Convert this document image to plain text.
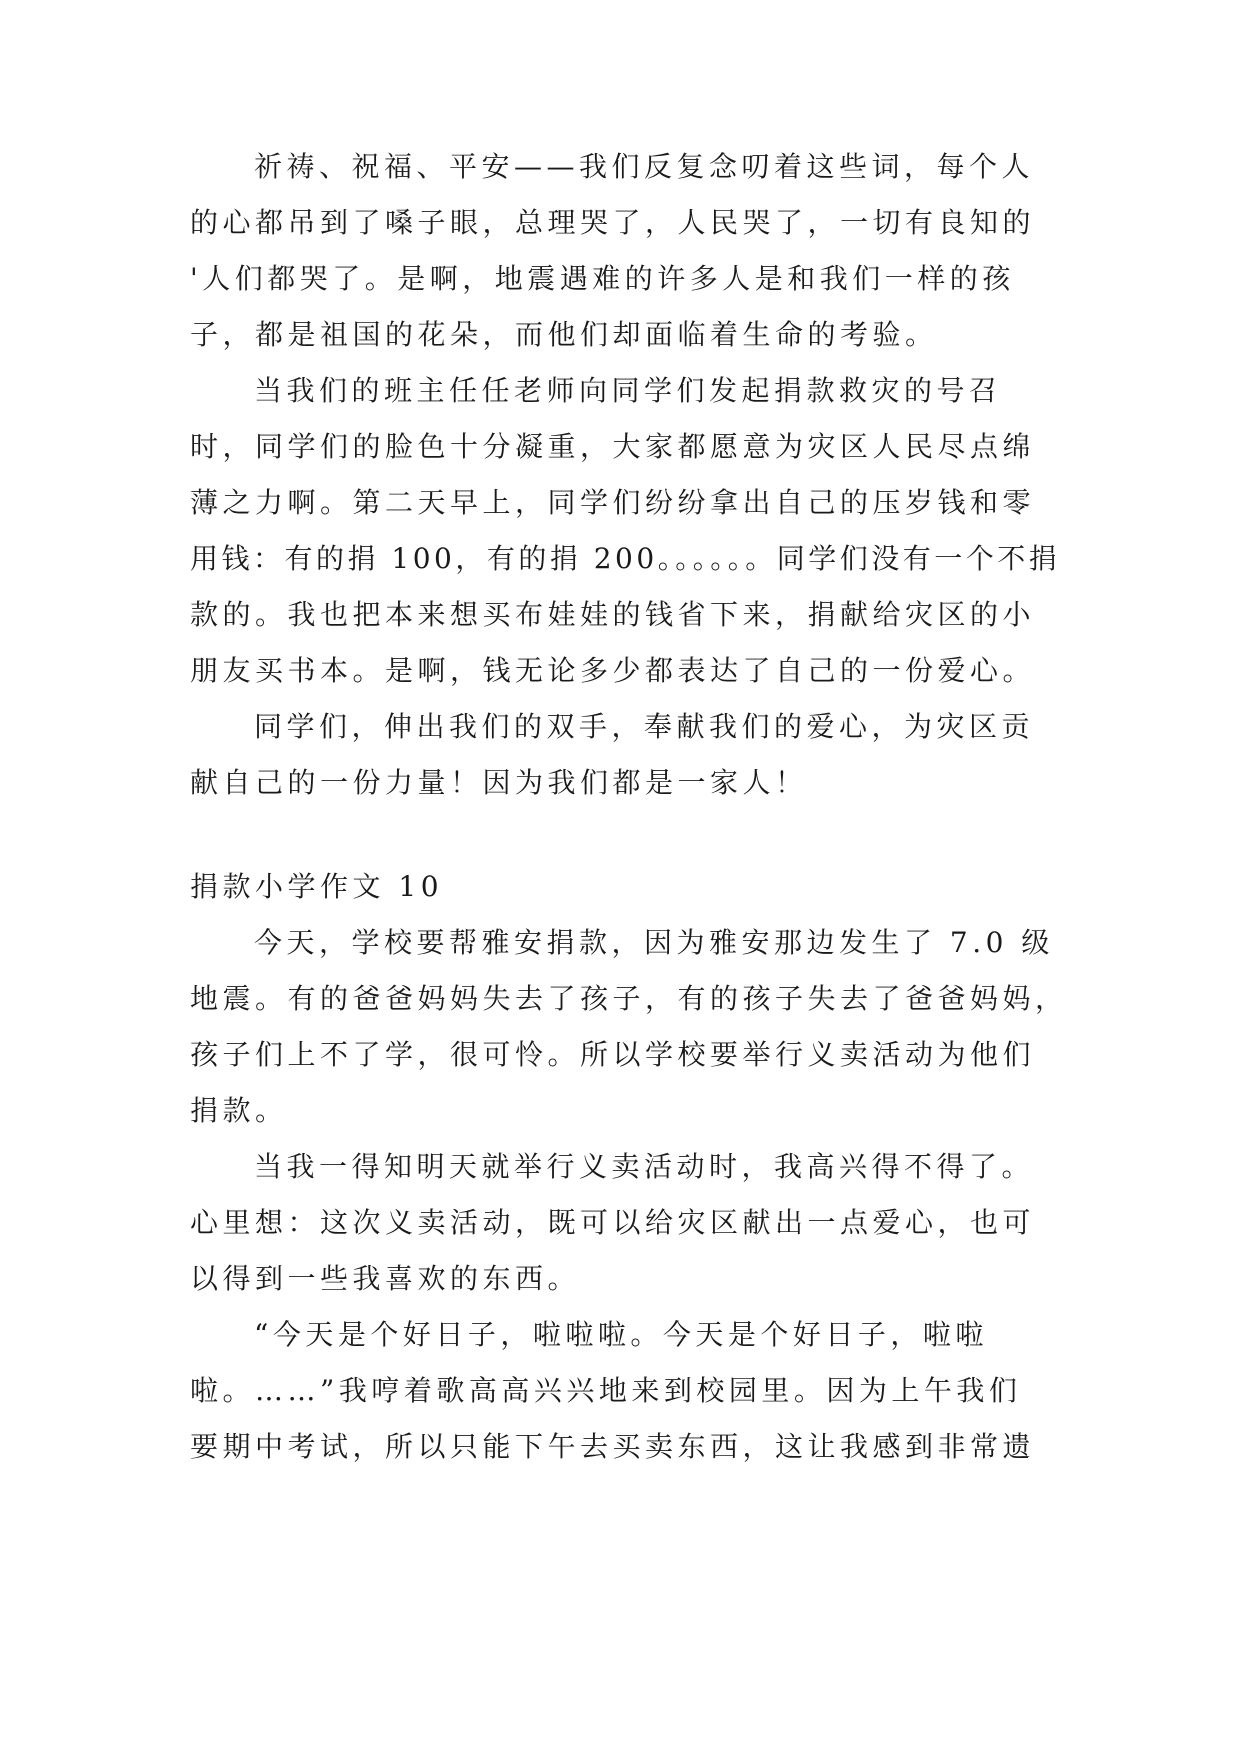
祈祷、祝福、平安——我们反复念叨着这些词，每个人
的心都吊到了嗓子眼，总理哭了，人民哭了，一切有良知的
'人们都哭了。是啊，地震遇难的许多人是和我们一样的孩
子，都是祖国的花朵，而他们却面临着生命的考验。
当我们的班主任任老师向同学们发起捐款救灾的号召
时，同学们的脸色十分凝重，大家都愿意为灾区人民尽点绵
薄之力啊。第二天早上，同学们纷纷拿出自己的压岁钱和零
用钱：有的捐 100，有的捐 200。。。。。。同学们没有一个不捐
款的。我也把本来想买布娃娃的钱省下来，捐献给灾区的小
朋友买书本。是啊，钱无论多少都表达了自己的一份爱心。
同学们，伸出我们的双手，奉献我们的爱心，为灾区贡
献自己的一份力量！因为我们都是一家人！
捐款小学作文 10
今天，学校要帮雅安捐款，因为雅安那边发生了 7.0 级
地震。有的爸爸妈妈失去了孩子，有的孩子失去了爸爸妈妈，
孩子们上不了学，很可怜。所以学校要举行义卖活动为他们
捐款。
当我一得知明天就举行义卖活动时，我高兴得不得了。
心里想：这次义卖活动，既可以给灾区献出一点爱心，也可
以得到一些我喜欢的东西。
“今天是个好日子，啦啦啦。今天是个好日子，啦啦
啦。……”我哼着歌高高兴兴地来到校园里。因为上午我们
要期中考试，所以只能下午去买卖东西，这让我感到非常遗
